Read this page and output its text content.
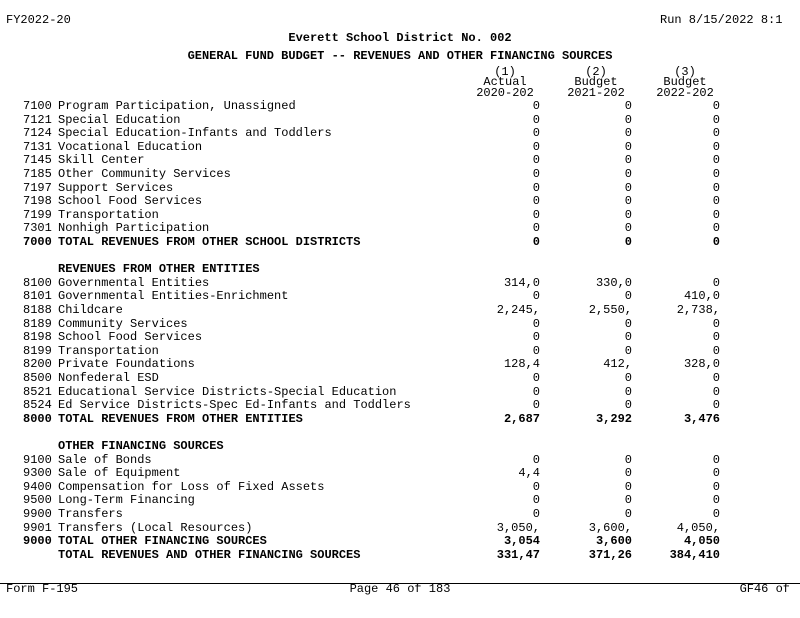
FY2022-20	Run 8/15/2022 8:1
Everett School District No. 002
GENERAL FUND BUDGET -- REVENUES AND OTHER FINANCING SOURCES
(1)
Actual
2020-202
(2)
Budget
2021-202
(3)
Budget
2022-202
7100 Program Participation, Unassigned	0	0	0
7121 Special Education	0	0	0
7124 Special Education-Infants and Toddlers	0	0	0
7131 Vocational Education	0	0	0
7145 Skill Center	0	0	0
7185 Other Community Services	0	0	0
7197 Support Services	0	0	0
7198 School Food Services	0	0	0
7199 Transportation	0	0	0
7301 Nonhigh Participation	0	0	0
7000 TOTAL REVENUES FROM OTHER SCHOOL DISTRICTS	0	0	0
REVENUES FROM OTHER ENTITIES
8100 Governmental Entities	314,0	330,0	0
8101 Governmental Entities-Enrichment	0	0	410,0
8188 Childcare	2,245,	2,550,	2,738,
8189 Community Services	0	0	0
8198 School Food Services	0	0	0
8199 Transportation	0	0	0
8200 Private Foundations	128,4	412,	328,0
8500 Nonfederal ESD	0	0	0
8521 Educational Service Districts-Special Education	0	0	0
8524 Ed Service Districts-Spec Ed-Infants and Toddlers	0	0	0
8000 TOTAL REVENUES FROM OTHER ENTITIES	2,687	3,292	3,476
OTHER FINANCING SOURCES
9100 Sale of Bonds	0	0	0
9300 Sale of Equipment	4,4	0	0
9400 Compensation for Loss of Fixed Assets	0	0	0
9500 Long-Term Financing	0	0	0
9900 Transfers	0	0	0
9901 Transfers (Local Resources)	3,050,	3,600,	4,050,
9000 TOTAL OTHER FINANCING SOURCES	3,054	3,600	4,050
TOTAL REVENUES AND OTHER FINANCING SOURCES	331,47	371,26	384,410
Form F-195	Page 46 of 183	GF46 of
